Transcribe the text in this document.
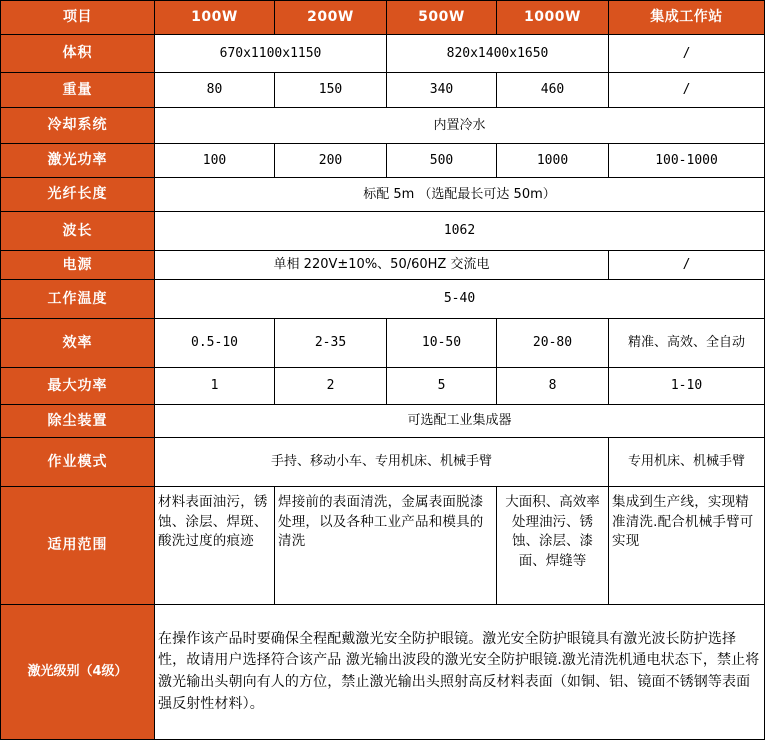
项目	100W	200W	500W	1000W	集成工作站
体积	670x1100x1150		820x1400x1650		/
重量	80	150	340	460	/
冷却系统	内置冷水				
激光功率	100	200	500	1000	100-1000
光纤长度	标配 5m （选配最长可达 50m）				
波长	1062				
电源	单相 220V±10%、50/60HZ 交流电				/
工作温度	5-40				
效率	0.5-10	2-35	10-50	20-80	精准、高效、全自动
最大功率	1	2	5	8	1-10
除尘装置	可选配工业集成器				
作业模式	手持、移动小车、专用机床、机械手臂				专用机床、机械手臂
适用范围	材料表面油污，锈蚀、涂层、焊斑、酸洗过度的痕迹	焊接前的表面清洗，金属表面脱漆处理，以及各种工业产品和模具的清洗		大面积、高效率处理油污、锈蚀、涂层、漆面、焊缝等	集成到生产线，实现精准清洗.配合机械手臂可实现
激光级别（4级）	在操作该产品时要确保全程配戴激光安全防护眼镜。激光安全防护眼镜具有激光波长防护选择性，故请用户选择符合该产品 激光输出波段的激光安全防护眼镜.激光清洗机通电状态下，禁止将激光输出头朝向有人的方位，禁止激光输出头照射高反材料表面（如铜、铝、镜面不锈钢等表面强反射性材料）。				
